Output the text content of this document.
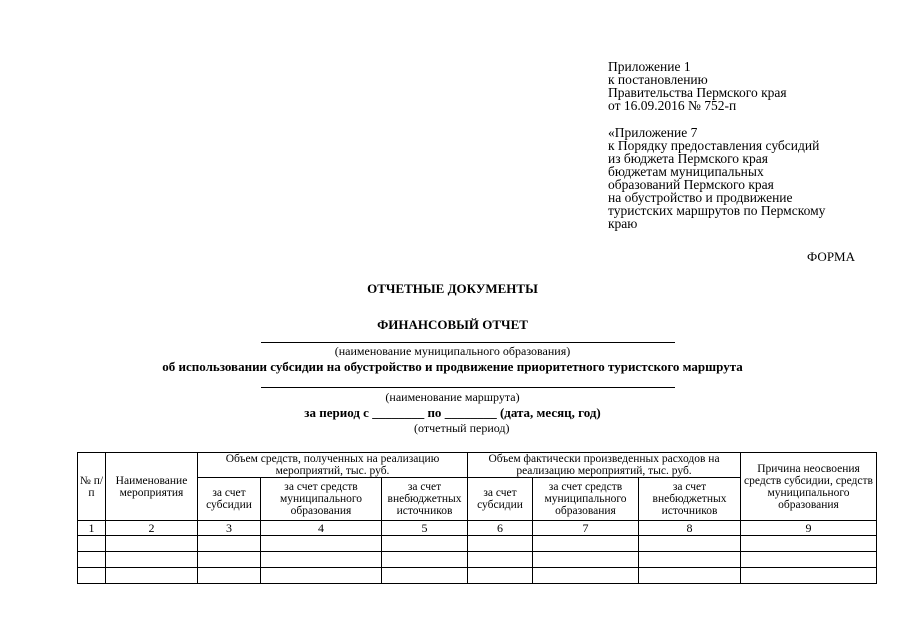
Приложение 1
к постановлению
Правительства Пермского края
от 16.09.2016 № 752-п
«Приложение 7
к Порядку предоставления субсидий
из бюджета Пермского края
бюджетам муниципальных
образований Пермского края
на обустройство и продвижение
туристских маршрутов по Пермскому
краю
ФОРМА
ОТЧЕТНЫЕ ДОКУМЕНТЫ
ФИНАНСОВЫЙ ОТЧЕТ
(наименование муниципального образования)
об использовании субсидии на обустройство и продвижение приоритетного туристского маршрута
(наименование маршрута)
за период с ________ по ________ (дата, месяц, год)
(отчетный период)
№ п/п	Наименование мероприятия	Объем средств, полученных на реализацию мероприятий, тыс. руб.			Объем фактически произведенных расходов на реализацию мероприятий, тыс. руб.			Причина неосвоения средств субсидии, средств муниципального образования
		за счет субсидии	за счет средств муниципального образования	за счет внебюджетных источников	за счет субсидии	за счет средств муниципального образования	за счет внебюджетных источников	
1	2	3	4	5	6	7	8	9
